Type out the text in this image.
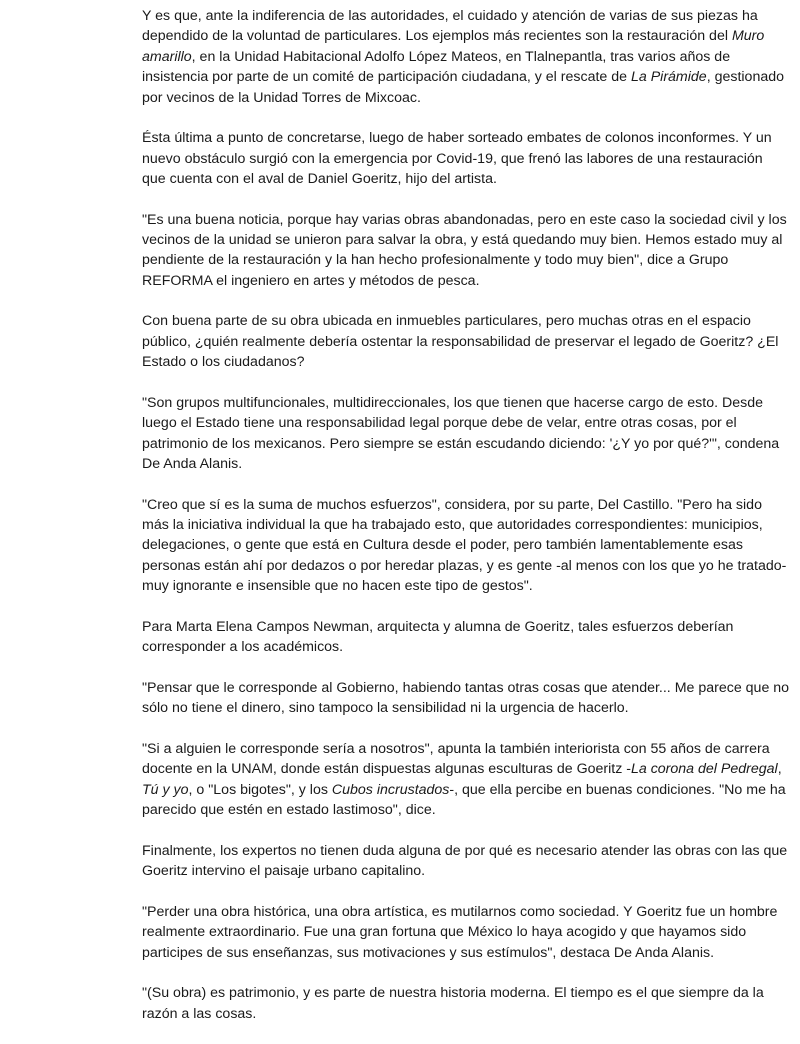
Y es que, ante la indiferencia de las autoridades, el cuidado y atención de varias de sus piezas ha dependido de la voluntad de particulares. Los ejemplos más recientes son la restauración del Muro amarillo, en la Unidad Habitacional Adolfo López Mateos, en Tlalnepantla, tras varios años de insistencia por parte de un comité de participación ciudadana, y el rescate de La Pirámide, gestionado por vecinos de la Unidad Torres de Mixcoac.

Ésta última a punto de concretarse, luego de haber sorteado embates de colonos inconformes. Y un nuevo obstáculo surgió con la emergencia por Covid-19, que frenó las labores de una restauración que cuenta con el aval de Daniel Goeritz, hijo del artista.

"Es una buena noticia, porque hay varias obras abandonadas, pero en este caso la sociedad civil y los vecinos de la unidad se unieron para salvar la obra, y está quedando muy bien. Hemos estado muy al pendiente de la restauración y la han hecho profesionalmente y todo muy bien", dice a Grupo REFORMA el ingeniero en artes y métodos de pesca.

Con buena parte de su obra ubicada en inmuebles particulares, pero muchas otras en el espacio público, ¿quién realmente debería ostentar la responsabilidad de preservar el legado de Goeritz? ¿El Estado o los ciudadanos?

"Son grupos multifuncionales, multidireccionales, los que tienen que hacerse cargo de esto. Desde luego el Estado tiene una responsabilidad legal porque debe de velar, entre otras cosas, por el patrimonio de los mexicanos. Pero siempre se están escudando diciendo: '¿Y yo por qué?'", condena De Anda Alanis.

"Creo que sí es la suma de muchos esfuerzos", considera, por su parte, Del Castillo. "Pero ha sido más la iniciativa individual la que ha trabajado esto, que autoridades correspondientes: municipios, delegaciones, o gente que está en Cultura desde el poder, pero también lamentablemente esas personas están ahí por dedazos o por heredar plazas, y es gente -al menos con los que yo he tratado- muy ignorante e insensible que no hacen este tipo de gestos".

Para Marta Elena Campos Newman, arquitecta y alumna de Goeritz, tales esfuerzos deberían corresponder a los académicos.

"Pensar que le corresponde al Gobierno, habiendo tantas otras cosas que atender... Me parece que no sólo no tiene el dinero, sino tampoco la sensibilidad ni la urgencia de hacerlo.

"Si a alguien le corresponde sería a nosotros", apunta la también interiorista con 55 años de carrera docente en la UNAM, donde están dispuestas algunas esculturas de Goeritz -La corona del Pedregal, Tú y yo, o "Los bigotes", y los Cubos incrustados-, que ella percibe en buenas condiciones. "No me ha parecido que estén en estado lastimoso", dice.

Finalmente, los expertos no tienen duda alguna de por qué es necesario atender las obras con las que Goeritz intervino el paisaje urbano capitalino.

"Perder una obra histórica, una obra artística, es mutilarnos como sociedad. Y Goeritz fue un hombre realmente extraordinario. Fue una gran fortuna que México lo haya acogido y que hayamos sido participes de sus enseñanzas, sus motivaciones y sus estímulos", destaca De Anda Alanis.

"(Su obra) es patrimonio, y es parte de nuestra historia moderna. El tiempo es el que siempre da la razón a las cosas.
